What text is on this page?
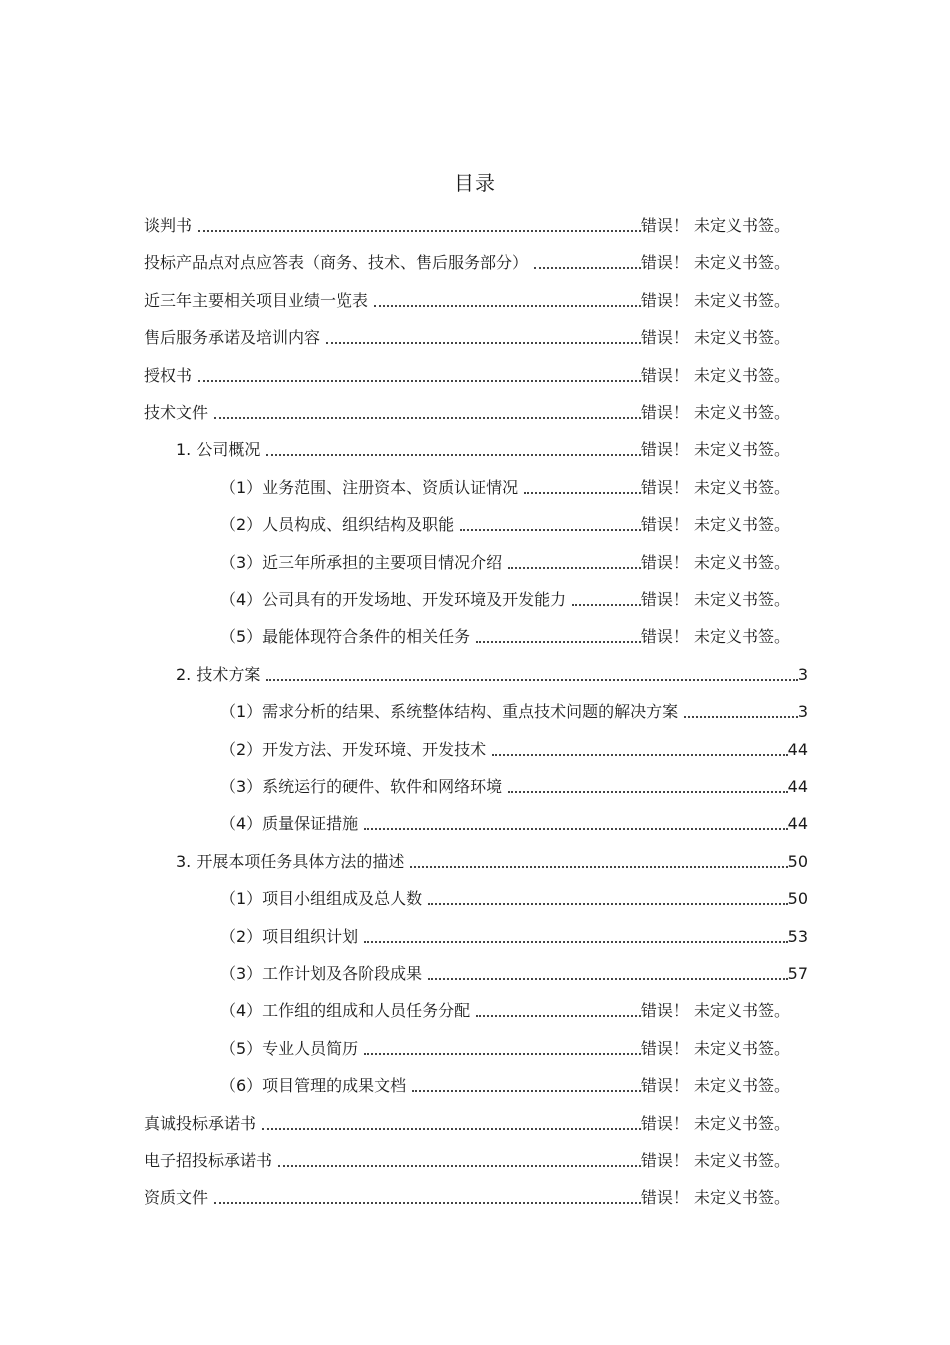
目录
谈判书	错误！ 未定义书签。
投标产品点对点应答表（商务、技术、售后服务部分）	错误！ 未定义书签。
近三年主要相关项目业绩一览表	错误！ 未定义书签。
售后服务承诺及培训内容	错误！ 未定义书签。
授权书	错误！ 未定义书签。
技术文件	错误！ 未定义书签。
1. 公司概况	错误！ 未定义书签。
（1）业务范围、注册资本、资质认证情况	错误！ 未定义书签。
（2）人员构成、组织结构及职能	错误！ 未定义书签。
（3）近三年所承担的主要项目情况介绍	错误！ 未定义书签。
（4）公司具有的开发场地、开发环境及开发能力	错误！ 未定义书签。
（5）最能体现符合条件的相关任务	错误！ 未定义书签。
2. 技术方案	3
（1）需求分析的结果、系统整体结构、重点技术问题的解决方案	3
（2）开发方法、开发环境、开发技术	44
（3）系统运行的硬件、软件和网络环境	44
（4）质量保证措施	44
3. 开展本项任务具体方法的描述	50
（1）项目小组组成及总人数	50
（2）项目组织计划	53
（3）工作计划及各阶段成果	57
（4）工作组的组成和人员任务分配	错误！ 未定义书签。
（5）专业人员简历	错误！ 未定义书签。
（6）项目管理的成果文档	错误！ 未定义书签。
真诚投标承诺书	错误！ 未定义书签。
电子招投标承诺书	错误！ 未定义书签。
资质文件	错误！ 未定义书签。
